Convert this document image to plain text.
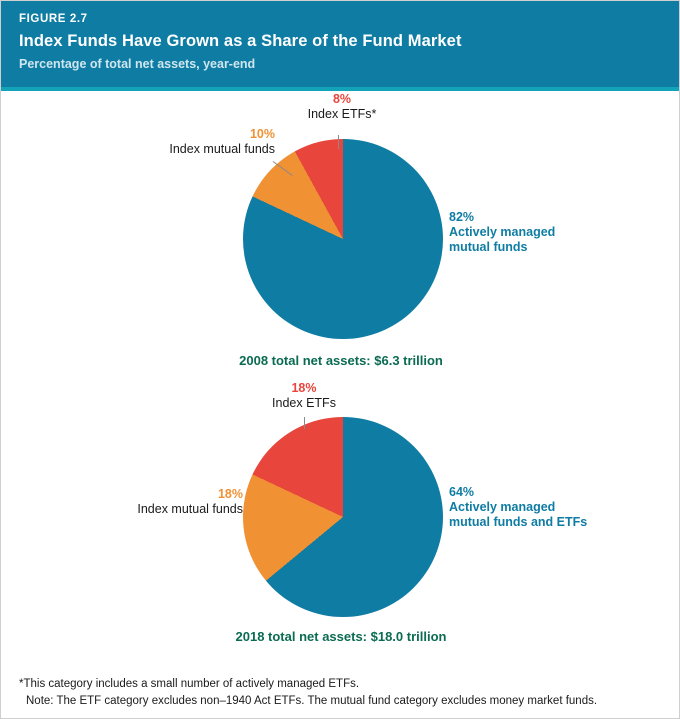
FIGURE 2.7
Index Funds Have Grown as a Share of the Fund Market
Percentage of total net assets, year-end
82%
Actively managed
mutual funds
10%
Index mutual funds
8%
Index ETFs*
2008 total net assets: $6.3 trillion
64%
Actively managed
mutual funds and ETFs
18%
Index mutual funds
18%
Index ETFs
2018 total net assets: $18.0 trillion
*This category includes a small number of actively managed ETFs.
Note: The ETF category excludes non–1940 Act ETFs. The mutual fund category excludes money market funds.
